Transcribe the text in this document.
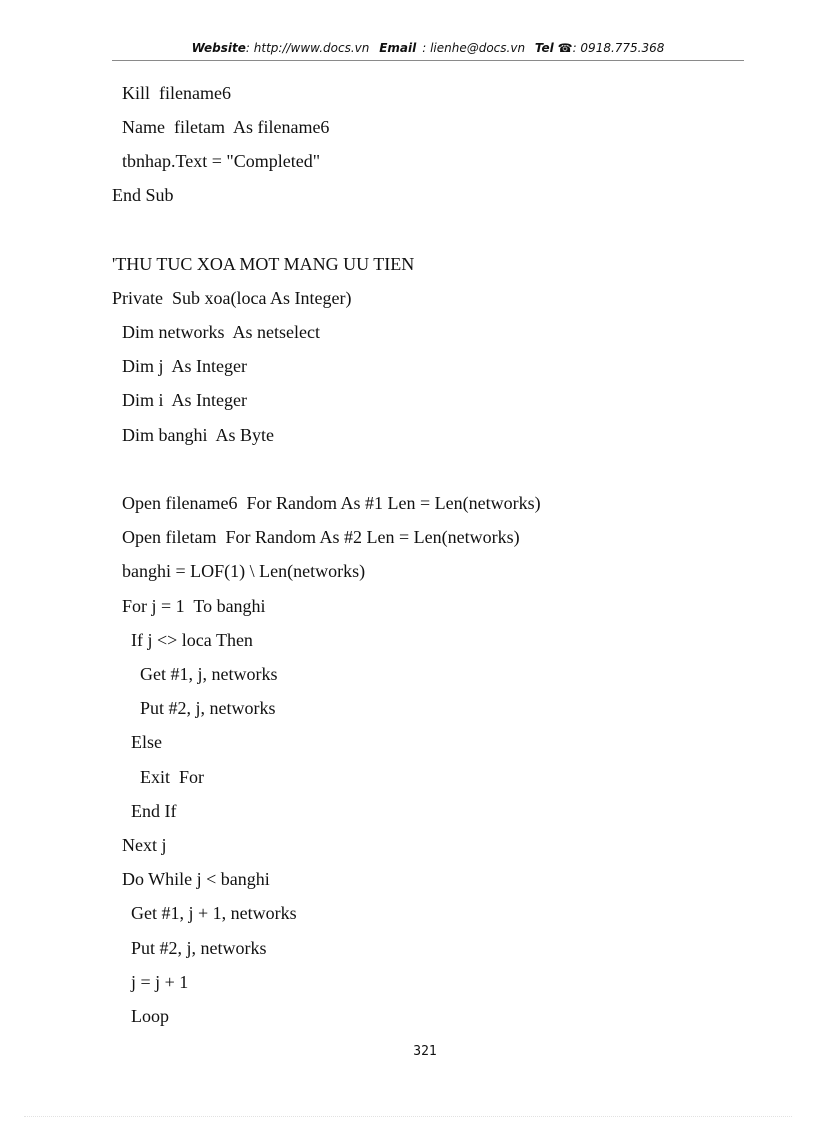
Website: http://www.docs.vn Email : lienhe@docs.vn Tel ☎: 0918.775.368
Kill  filename6
Name  filetam  As filename6
tbnhap.Text = "Completed"
End Sub
'THU TUC XOA MOT MANG UU TIEN
Private  Sub xoa(loca As Integer)
Dim networks  As netselect
Dim j  As Integer
Dim i  As Integer
Dim banghi  As Byte
Open filename6  For Random As #1 Len = Len(networks)
Open filetam  For Random As #2 Len = Len(networks)
banghi = LOF(1) \ Len(networks)
For j = 1  To banghi
If j <> loca Then
Get #1, j, networks
Put #2, j, networks
Else
Exit  For
End If
Next j
Do While j < banghi
Get #1, j + 1, networks
Put #2, j, networks
j = j + 1
Loop
321
